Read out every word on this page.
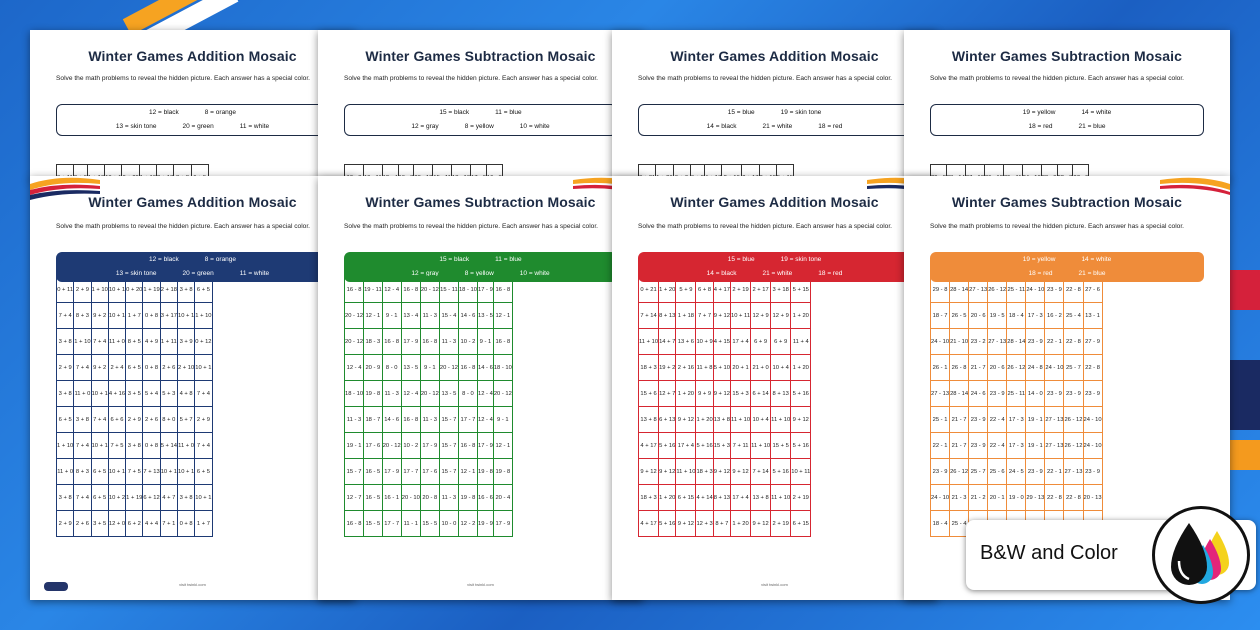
Winter Games Addition Mosaic
Solve the math problems to reveal the hidden picture. Each answer has a special color.
12 = black	8 = orange
13 = skin tone	20 = green	11 = white

Winter Games Subtraction Mosaic
Solve the math problems to reveal the hidden picture. Each answer has a special color.
15 = black	11 = blue
12 = gray	8 = yellow	10 = white

Winter Games Addition Mosaic
Solve the math problems to reveal the hidden picture. Each answer has a special color.
15 = blue	19 = skin tone
14 = black	21 = white	18 = red

Winter Games Subtraction Mosaic
Solve the math problems to reveal the hidden picture. Each answer has a special color.
19 = yellow	14 = white
18 = red	21 = blue

Winter Games Addition Mosaic
Solve the math problems to reveal the hidden picture. Each answer has a special color.
12 = black	8 = orange
13 = skin tone	20 = green	11 = white
0 + 11	2 + 9	1 + 10	10 + 1	0 + 20	1 + 19	2 + 18	3 + 8	6 + 5
7 + 4	8 + 3	9 + 2	10 + 1	1 + 7	0 + 8	3 + 17	10 + 1	1 + 10
3 + 8	1 + 10	7 + 4	11 + 0	8 + 5	4 + 9	1 + 11	3 + 9	0 + 12
2 + 9	7 + 4	9 + 2	2 + 4	6 + 5	0 + 8	2 + 6	2 + 10	10 + 1
3 + 8	11 + 0	10 + 1	4 + 16	3 + 5	5 + 4	5 + 3	4 + 8	7 + 4
6 + 5	3 + 8	7 + 4	6 + 6	2 + 9	2 + 6	8 + 0	5 + 7	2 + 9
1 + 10	7 + 4	10 + 1	7 + 5	3 + 8	0 + 8	5 + 14	11 + 0	7 + 4
11 + 0	8 + 3	6 + 5	10 + 1	7 + 5	7 + 13	10 + 1	10 + 1	6 + 5
3 + 8	7 + 4	6 + 5	10 + 2	1 + 19	6 + 12	4 + 7	3 + 8	10 + 1
2 + 9	2 + 6	3 + 5	12 + 0	6 + 2	4 + 4	7 + 1	0 + 8	1 + 7
visit twinkl.com
Winter Games Subtraction Mosaic
Solve the math problems to reveal the hidden picture. Each answer has a special color.
15 = black	11 = blue
12 = gray	8 = yellow	10 = white
16 - 8	19 - 11	12 - 4	16 - 8	20 - 12	15 - 11	18 - 10	17 - 9	16 - 8
20 - 12	12 - 1	9 - 1	13 - 4	11 - 3	15 - 4	14 - 6	13 - 5	12 - 1
20 - 12	18 - 3	16 - 8	17 - 9	16 - 8	11 - 3	10 - 2	9 - 1	16 - 8
12 - 4	20 - 9	8 - 0	13 - 5	9 - 1	20 - 12	16 - 8	14 - 6	18 - 10
18 - 10	19 - 8	11 - 3	12 - 4	20 - 12	13 - 5	8 - 0	12 - 4	20 - 12
11 - 3	18 - 7	14 - 6	16 - 8	11 - 3	15 - 7	17 - 7	12 - 4	9 - 1
19 - 1	17 - 6	20 - 12	10 - 2	17 - 9	15 - 7	16 - 8	17 - 9	12 - 1
15 - 7	16 - 5	17 - 9	17 - 7	17 - 6	15 - 7	12 - 1	19 - 8	19 - 8
12 - 7	16 - 5	16 - 1	20 - 10	20 - 8	11 - 3	19 - 8	16 - 6	20 - 4
16 - 8	15 - 5	17 - 7	11 - 1	15 - 5	10 - 0	12 - 2	19 - 9	17 - 9
visit twinkl.com
Winter Games Addition Mosaic
Solve the math problems to reveal the hidden picture. Each answer has a special color.
15 = blue	19 = skin tone
14 = black	21 = white	18 = red
0 + 21	1 + 20	5 + 9	6 + 8	4 + 17	2 + 19	2 + 17	3 + 18	5 + 15
7 + 14	8 + 13	1 + 18	7 + 7	9 + 12	10 + 11	12 + 9	12 + 9	1 + 20
11 + 10	14 + 7	13 + 6	10 + 9	4 + 15	17 + 4	6 + 9	6 + 9	11 + 4
18 + 3	19 + 2	2 + 16	11 + 8	5 + 10	20 + 1	21 + 0	10 + 4	1 + 20
15 + 6	12 + 7	1 + 20	9 + 9	9 + 12	15 + 3	6 + 14	8 + 13	5 + 16
13 + 8	6 + 13	9 + 12	1 + 20	13 + 8	11 + 10	10 + 4	11 + 10	9 + 12
4 + 17	5 + 16	17 + 4	5 + 16	15 + 3	7 + 11	11 + 10	15 + 5	5 + 16
9 + 12	9 + 12	11 + 10	18 + 3	9 + 12	9 + 12	7 + 14	5 + 16	10 + 11
18 + 3	1 + 20	6 + 15	4 + 14	8 + 13	17 + 4	13 + 8	11 + 10	2 + 19
4 + 17	5 + 16	9 + 12	12 + 3	8 + 7	1 + 20	9 + 12	2 + 19	6 + 15
visit twinkl.com
Winter Games Subtraction Mosaic
Solve the math problems to reveal the hidden picture. Each answer has a special color.
19 = yellow	14 = white
18 = red	21 = blue
29 - 8	28 - 14	27 - 13	26 - 12	25 - 11	24 - 10	23 - 9	22 - 8	27 - 6
18 - 7	26 - 5	20 - 6	19 - 5	18 - 4	17 - 3	16 - 2	25 - 4	13 - 1
24 - 10	21 - 10	23 - 2	27 - 13	28 - 14	23 - 9	22 - 1	22 - 8	27 - 9
26 - 1	26 - 8	21 - 7	20 - 6	26 - 12	24 - 8	24 - 10	25 - 7	22 - 8
27 - 13	28 - 14	24 - 6	23 - 9	25 - 11	14 - 0	23 - 9	23 - 9	23 - 9
25 - 1	21 - 7	23 - 9	22 - 4	17 - 3	19 - 1	27 - 13	26 - 12	24 - 10
22 - 1	21 - 7	23 - 9	22 - 4	17 - 3	19 - 1	27 - 13	26 - 12	24 - 10
23 - 9	26 - 12	25 - 7	25 - 6	24 - 5	23 - 9	22 - 1	27 - 13	23 - 9
24 - 10	21 - 3	21 - 2	20 - 1	19 - 0	29 - 13	22 - 8	22 - 8	20 - 13
18 - 4	25 - 4							
B&W and Color
